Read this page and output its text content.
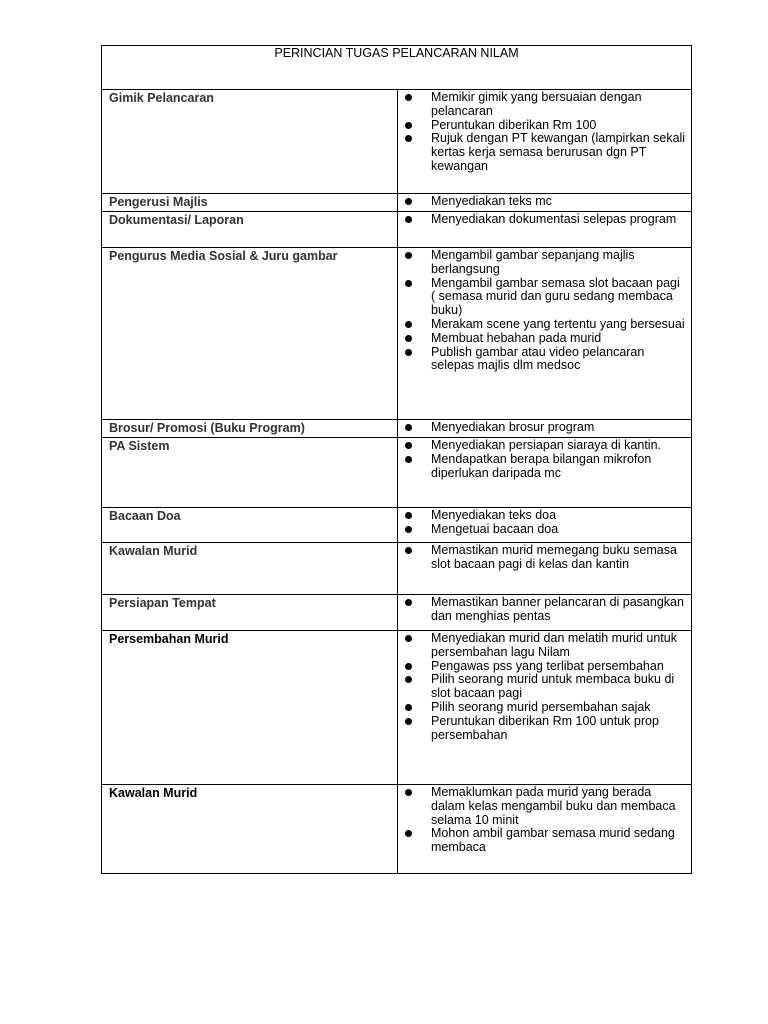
PERINCIAN TUGAS PELANCARAN NILAM
Gimik Pelancaran	Memikir gimik yang bersuaian dengan pelancaran
Peruntukan diberikan Rm 100
Rujuk dengan PT kewangan (lampirkan sekali kertas kerja semasa berurusan dgn PT kewangan
Pengerusi Majlis	Menyediakan teks mc
Dokumentasi/ Laporan	Menyediakan dokumentasi selepas program
Pengurus Media Sosial & Juru gambar	Mengambil gambar sepanjang majlis berlangsung
Mengambil gambar semasa slot bacaan pagi ( semasa murid dan guru sedang membaca buku)
Merakam scene yang tertentu yang bersesuai
Membuat hebahan pada murid
Publish gambar atau video pelancaran selepas majlis dlm medsoc
Brosur/ Promosi (Buku Program)	Menyediakan brosur program
PA Sistem	Menyediakan persiapan siaraya di kantin.
Mendapatkan berapa bilangan mikrofon diperlukan daripada mc
Bacaan Doa	Menyediakan teks doa
Mengetuai bacaan doa
Kawalan Murid	Memastikan murid memegang buku semasa slot bacaan pagi di kelas dan kantin
Persiapan Tempat	Memastikan banner pelancaran di pasangkan dan menghias pentas
Persembahan Murid	Menyediakan murid dan melatih murid untuk persembahan lagu Nilam
Pengawas pss yang terlibat persembahan
Pilih seorang murid untuk membaca buku di slot bacaan pagi
Pilih seorang murid persembahan sajak
Peruntukan diberikan Rm 100 untuk prop persembahan
Kawalan Murid	Memaklumkan pada murid yang berada dalam kelas mengambil buku dan membaca selama 10 minit
Mohon ambil gambar semasa murid sedang membaca
